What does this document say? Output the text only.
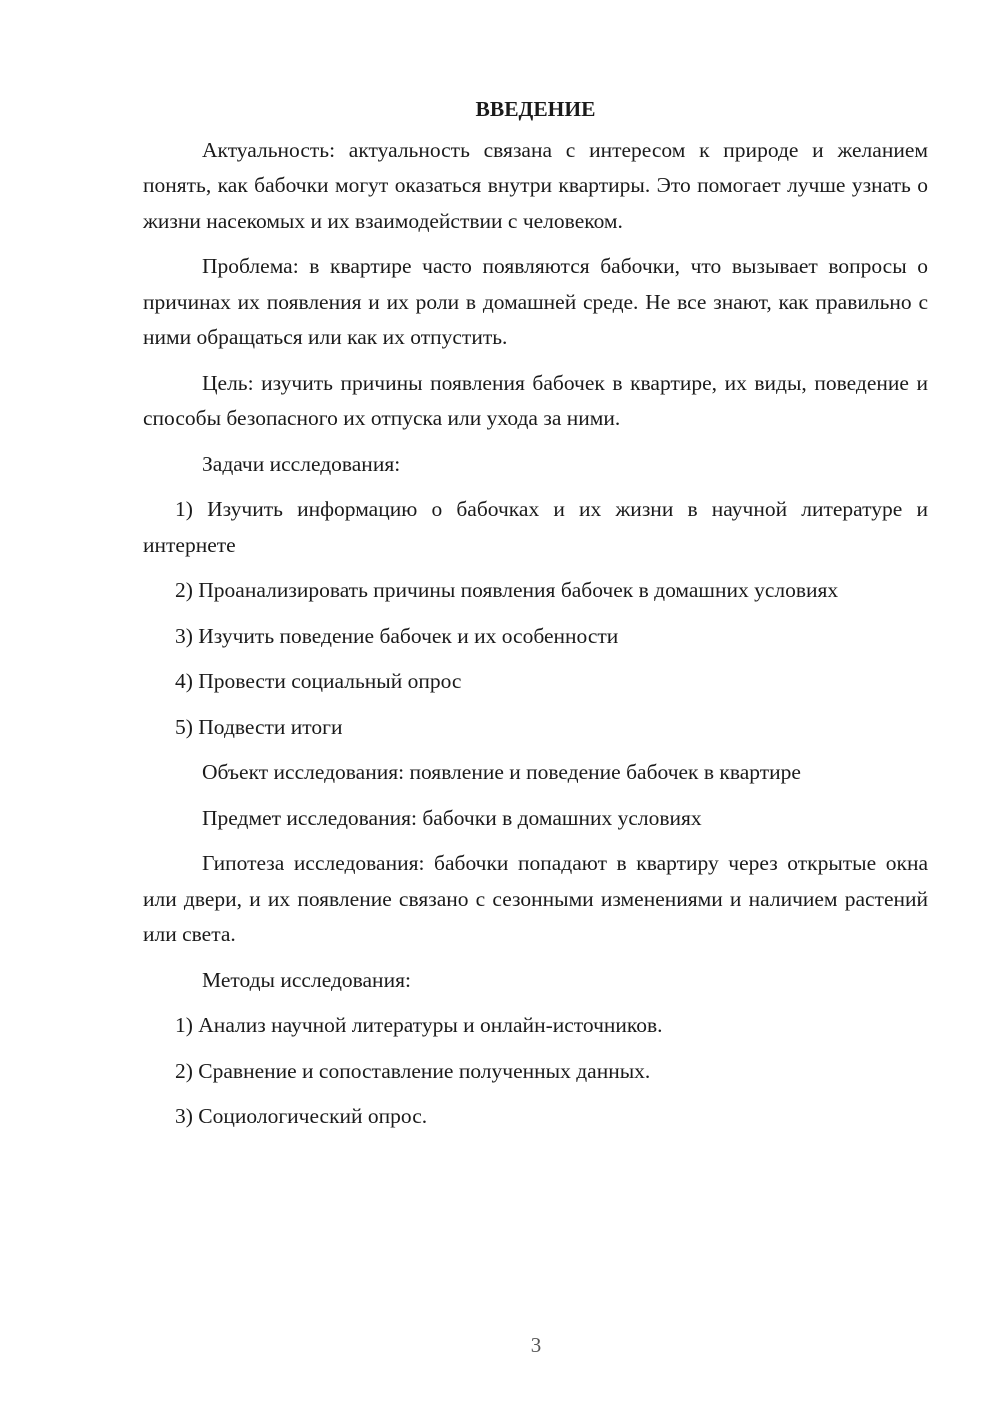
ВВЕДЕНИЕ
Актуальность: актуальность связана с интересом к природе и желанием понять, как бабочки могут оказаться внутри квартиры. Это помогает лучше узнать о жизни насекомых и их взаимодействии с человеком.
Проблема: в квартире часто появляются бабочки, что вызывает вопросы о причинах их появления и их роли в домашней среде. Не все знают, как правильно с ними обращаться или как их отпустить.
Цель: изучить причины появления бабочек в квартире, их виды, поведение и способы безопасного их отпуска или ухода за ними.
Задачи исследования:
1) Изучить информацию о бабочках и их жизни в научной литературе и интернете
2) Проанализировать причины появления бабочек в домашних условиях
3) Изучить поведение бабочек и их особенности
4) Провести социальный опрос
5) Подвести итоги
Объект исследования: появление и поведение бабочек в квартире
Предмет исследования: бабочки в домашних условиях
Гипотеза исследования: бабочки попадают в квартиру через открытые окна или двери, и их появление связано с сезонными изменениями и наличием растений или света.
Методы исследования:
1) Анализ научной литературы и онлайн-источников.
2) Сравнение и сопоставление полученных данных.
3) Социологический опрос.
3
